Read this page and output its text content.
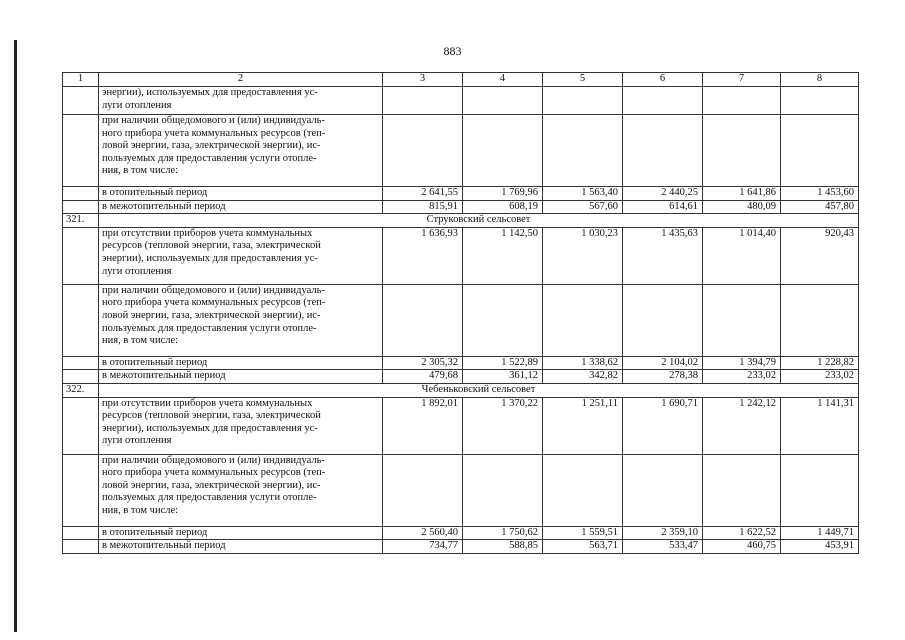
883
1	2	3	4	5	6	7	8

	энергии), используемых для предоставления ус-
луги отопления						

	при наличии общедомового и (или) индивидуаль-
ного прибора учета коммунальных ресурсов (теп-
ловой энергии, газа, электрической энергии), ис-
пользуемых для предоставления услуги отопле-
ния, в том числе:						

	в отопительный период	2 641,55	1 769,96	1 563,40	2 440,25	1 641,86	1 453,60
	в межотопительный период	815,91	608,19	567,60	614,61	480,09	457,80
321.	Струковский сельсовет						

	при отсутствии приборов учета коммунальных
ресурсов (тепловой энергии, газа, электрической
энергии), используемых для предоставления ус-
луги отопления	1 636,93	1 142,50	1 030,23	1 435,63	1 014,40	920,43

	при наличии общедомового и (или) индивидуаль-
ного прибора учета коммунальных ресурсов (теп-
ловой энергии, газа, электрической энергии), ис-
пользуемых для предоставления услуги отопле-
ния, в том числе:						

	в отопительный период	2 305,32	1 522,89	1 338,62	2 104,02	1 394,79	1 228,82
	в межотопительный период	479,68	361,12	342,82	278,38	233,02	233,02
322.	Чебеньковский сельсовет						

	при отсутствии приборов учета коммунальных
ресурсов (тепловой энергии, газа, электрической
энергии), используемых для предоставления ус-
луги отопления	1 892,01	1 370,22	1 251,11	1 690,71	1 242,12	1 141,31

	при наличии общедомового и (или) индивидуаль-
ного прибора учета коммунальных ресурсов (теп-
ловой энергии, газа, электрической энергии), ис-
пользуемых для предоставления услуги отопле-
ния, в том числе:						

	в отопительный период	2 560,40	1 750,62	1 559,51	2 359,10	1 622,52	1 449,71
	в межотопительный период	734,77	588,85	563,71	533,47	460,75	453,91
